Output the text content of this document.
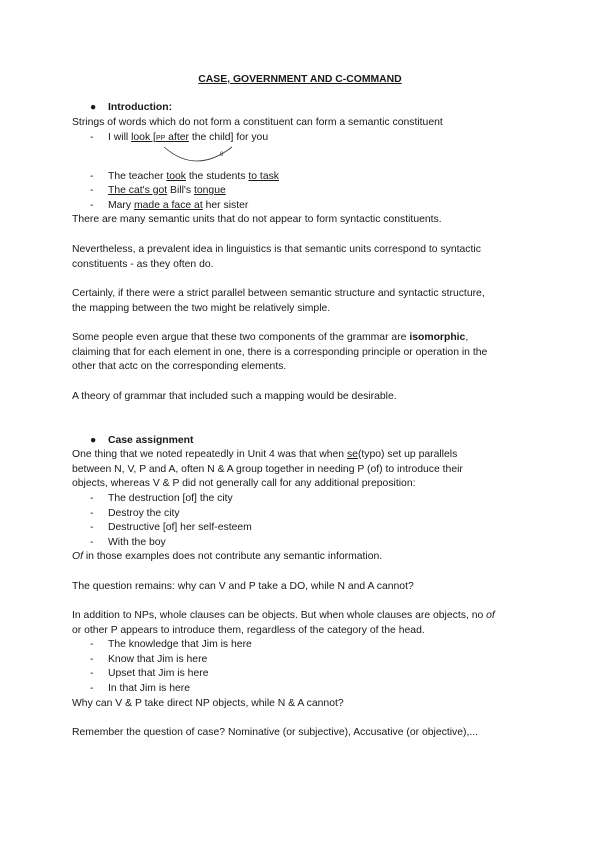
CASE, GOVERNMENT AND C-COMMAND
● Introduction:
Strings of words which do not form a constituent can form a semantic constituent
- I will look [PP after the child] for you
θ
- The teacher took the students to task
- The cat's got Bill's tongue
- Mary made a face at her sister
There are many semantic units that do not appear to form syntactic constituents.
Nevertheless, a prevalent idea in linguistics is that semantic units correspond to syntactic
constituents - as they often do.
Certainly, if there were a strict parallel between semantic structure and syntactic structure,
the mapping between the two might be relatively simple.
Some people even argue that these two components of the grammar are isomorphic,
claiming that for each element in one, there is a corresponding principle or operation in the
other that actc on the corresponding elements.
A theory of grammar that included such a mapping would be desirable.
● Case assignment
One thing that we noted repeatedly in Unit 4 was that when se(typo) set up parallels
between N, V, P and A, often N & A group together in needing P (of) to introduce their
objects, whereas V & P did not generally call for any additional preposition:
- The destruction [of] the city
- Destroy the city
- Destructive [of] her self-esteem
- With the boy
Of in those examples does not contribute any semantic information.
The question remains: why can V and P take a DO, while N and A cannot?
In addition to NPs, whole clauses can be objects. But when whole clauses are objects, no of
or other P appears to introduce them, regardless of the category of the head.
- The knowledge that Jim is here
- Know that Jim is here
- Upset that Jim is here
- In that Jim is here
Why can V & P take direct NP objects, while N & A cannot?
Remember the question of case? Nominative (or subjective), Accusative (or objective),...
